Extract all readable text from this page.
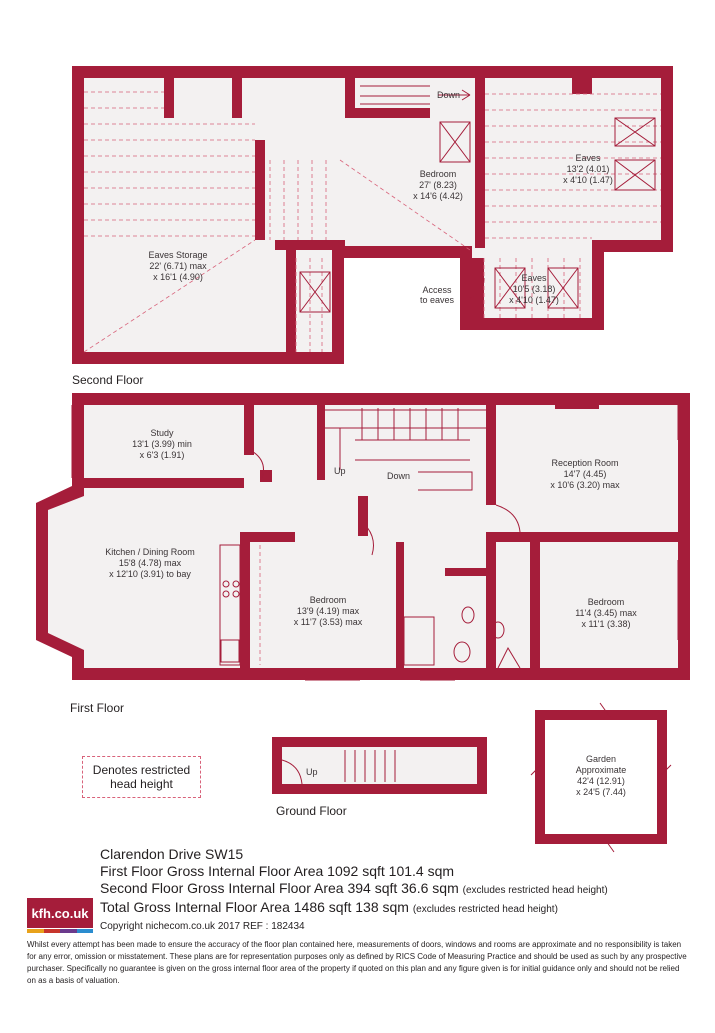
Second Floor
First Floor
Ground Floor
Eaves Storage
22' (6.71) max
x 16'1 (4.90)
Bedroom
27' (8.23)
x 14'6 (4.42)
Eaves
13'2 (4.01)
x 4'10 (1.47)
Eaves
10'5 (3.18)
x 4'10 (1.47)
Access
to eaves
Study
13'1 (3.99) min
x 6'3 (1.91)
Kitchen / Dining Room
15'8 (4.78) max
x 12'10 (3.91) to bay
Bedroom
13'9 (4.19) max
x 11'7 (3.53) max
Reception Room
14'7 (4.45)
x 10'6 (3.20) max
Bedroom
11'4 (3.45) max
x 11'1 (3.38)
Garden
Approximate
42'4 (12.91)
x 24'5 (7.44)
Down
Up	Down
Up
Denotes restricted
head height
Clarendon Drive SW15
First Floor Gross Internal Floor Area 1092 sqft 101.4 sqm
Second Floor Gross Internal Floor Area 394 sqft 36.6 sqm (excludes restricted head height)
Total Gross Internal Floor Area 1486 sqft 138 sqm (excludes restricted head height)
Copyright nichecom.co.uk 2017 REF : 182434
kfh.co.uk
Whilst every attempt has been made to ensure the accuracy of the floor plan contained here, measurements of doors, windows and rooms are approximate and no responsibility is taken for any error, omission or misstatement. These plans are for representation purposes only as defined by RICS Code of Measuring Practice and should be used as such by any prospective purchaser. Specifically no guarantee is given on the gross internal floor area of the property if quoted on this plan and any figure given is for initial guidance only and should not be relied on as a basis of valuation.
